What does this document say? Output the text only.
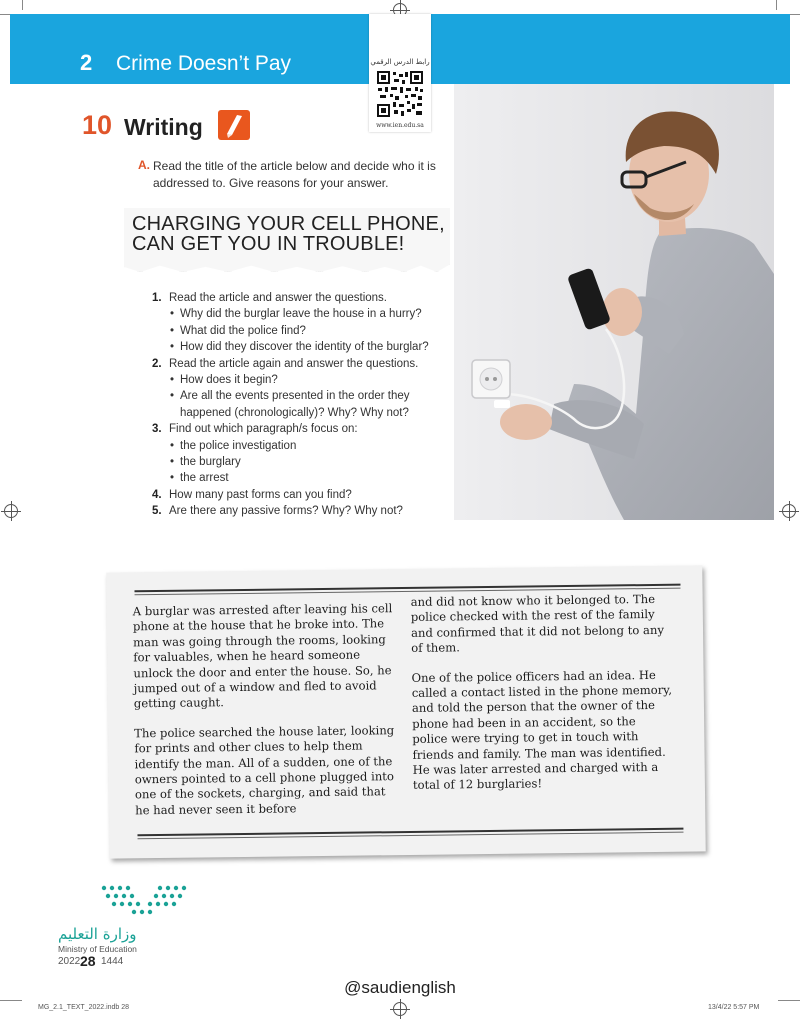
2 Crime Doesn’t Pay	رابط الدرس الرقمي
www.ien.edu.sa
10 Writing
A. Read the title of the article below and decide who it is addressed to. Give reasons for your answer.
CHARGING YOUR CELL PHONE,
CAN GET YOU IN TROUBLE!
1. Read the article and answer the questions.
• Why did the burglar leave the house in a hurry?
• What did the police find?
• How did they discover the identity of the burglar?
2. Read the article again and answer the questions.
• How does it begin?
• Are all the events presented in the order they happened (chronologically)? Why? Why not?
3. Find out which paragraph/s focus on:
• the police investigation
• the burglary
• the arrest
4. How many past forms can you find?
5. Are there any passive forms? Why? Why not?

A burglar was arrested after leaving his cell phone at the house that he broke into. The man was going through the rooms, looking for valuables, when he heard someone unlock the door and enter the house. So, he jumped out of a window and fled to avoid getting caught.

The police searched the house later, looking for prints and other clues to help them identify the man. All of a sudden, one of the owners pointed to a cell phone plugged into one of the sockets, charging, and said that he had never seen it before

and did not know who it belonged to. The police checked with the rest of the family and confirmed that it did not belong to any of them.

One of the police officers had an idea. He called a contact listed in the phone memory, and told the person that the owner of the phone had been in an accident, so the police were trying to get in touch with friends and family. The man was identified. He was later arrested and charged with a total of 12 burglaries!

وزارة التعليم
Ministry of Education
2022 28 1444
@saudienglish
MG_2.1_TEXT_2022.indb 28	13/4/22 5:57 PM
